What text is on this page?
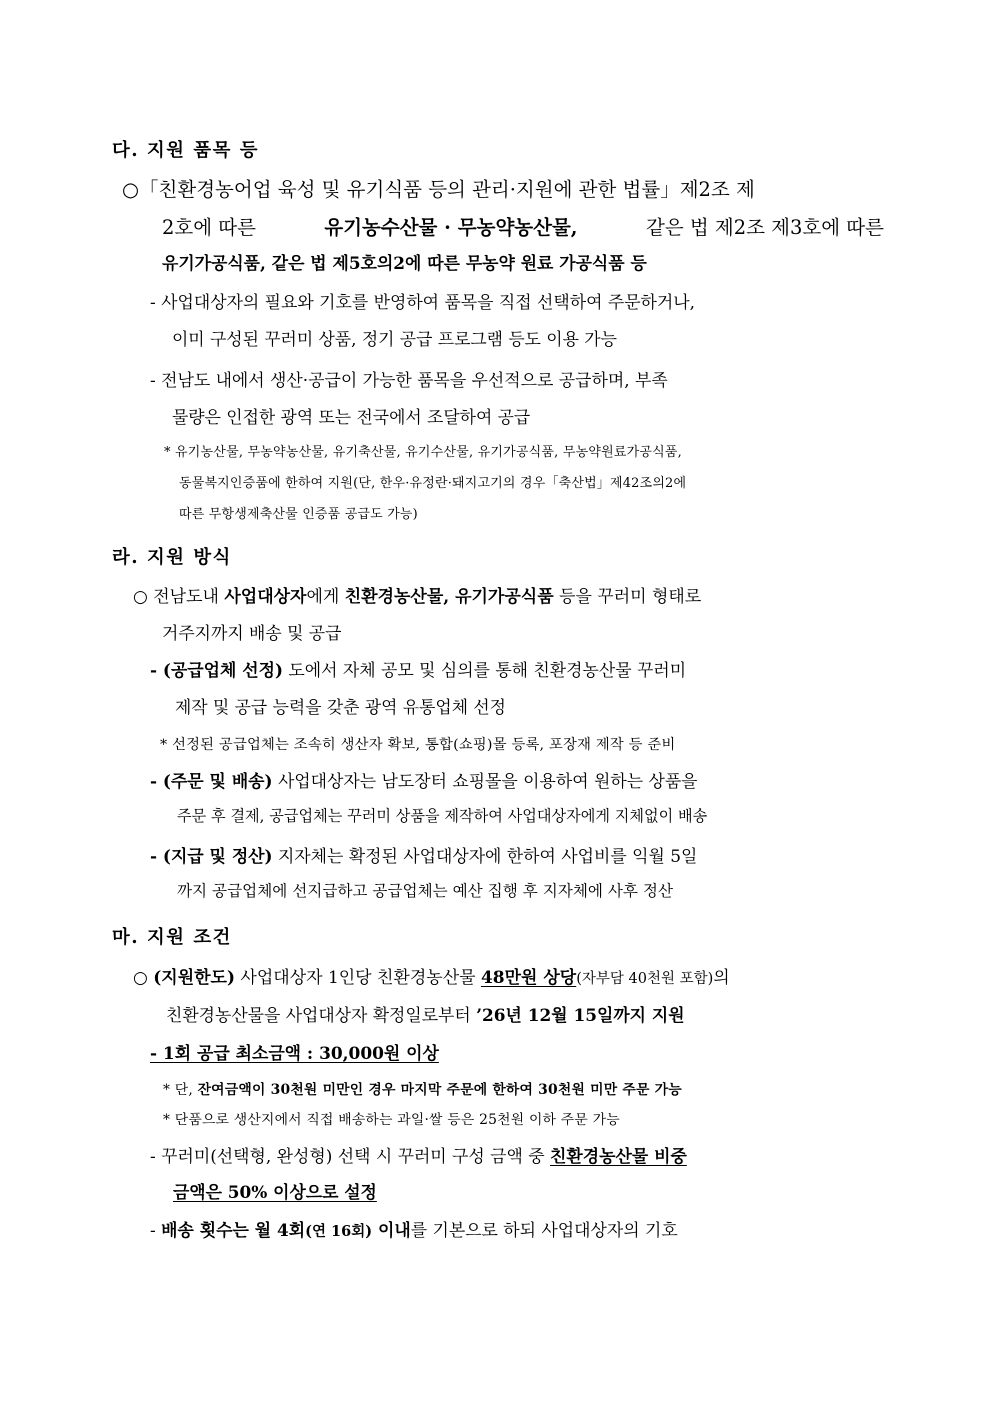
다. 지원 품목 등
○「친환경농어업 육성 및 유기식품 등의 관리·지원에 관한 법률」제2조 제
2호에 따른	유기농수산물 · 무농약농산물,	같은 법 제2조 제3호에 따른
유기가공식품, 같은 법 제5호의2에 따른 무농약 원료 가공식품 등
- 사업대상자의 필요와 기호를 반영하여 품목을 직접 선택하여 주문하거나,
이미 구성된 꾸러미 상품, 정기 공급 프로그램 등도 이용 가능
- 전남도 내에서 생산·공급이 가능한 품목을 우선적으로 공급하며, 부족
물량은 인접한 광역 또는 전국에서 조달하여 공급
* 유기농산물, 무농약농산물, 유기축산물, 유기수산물, 유기가공식품, 무농약원료가공식품,
동물복지인증품에 한하여 지원(단, 한우·유정란·돼지고기의 경우「축산법」제42조의2에
따른 무항생제축산물 인증품 공급도 가능)
라. 지원 방식
○ 전남도내 사업대상자에게 친환경농산물, 유기가공식품 등을 꾸러미 형태로
거주지까지 배송 및 공급
- (공급업체 선정) 도에서 자체 공모 및 심의를 통해 친환경농산물 꾸러미
제작 및 공급 능력을 갖춘 광역 유통업체 선정
* 선정된 공급업체는 조속히 생산자 확보, 통합(쇼핑)몰 등록, 포장재 제작 등 준비
- (주문 및 배송) 사업대상자는 남도장터 쇼핑몰을 이용하여 원하는 상품을
주문 후 결제, 공급업체는 꾸러미 상품을 제작하여 사업대상자에게 지체없이 배송
- (지급 및 정산) 지자체는 확정된 사업대상자에 한하여 사업비를 익월 5일
까지 공급업체에 선지급하고 공급업체는 예산 집행 후 지자체에 사후 정산
마. 지원 조건
○ (지원한도) 사업대상자 1인당 친환경농산물 48만원 상당(자부담 40천원 포함)의
친환경농산물을 사업대상자 확정일로부터 ’26년 12월 15일까지 지원
- 1회 공급 최소금액 : 30,000원 이상
* 단, 잔여금액이 30천원 미만인 경우 마지막 주문에 한하여 30천원 미만 주문 가능
* 단품으로 생산지에서 직접 배송하는 과일·쌀 등은 25천원 이하 주문 가능
- 꾸러미(선택형, 완성형) 선택 시 꾸러미 구성 금액 중 친환경농산물 비중
금액은 50% 이상으로 설정
- 배송 횟수는 월 4회(연 16회) 이내를 기본으로 하되 사업대상자의 기호
